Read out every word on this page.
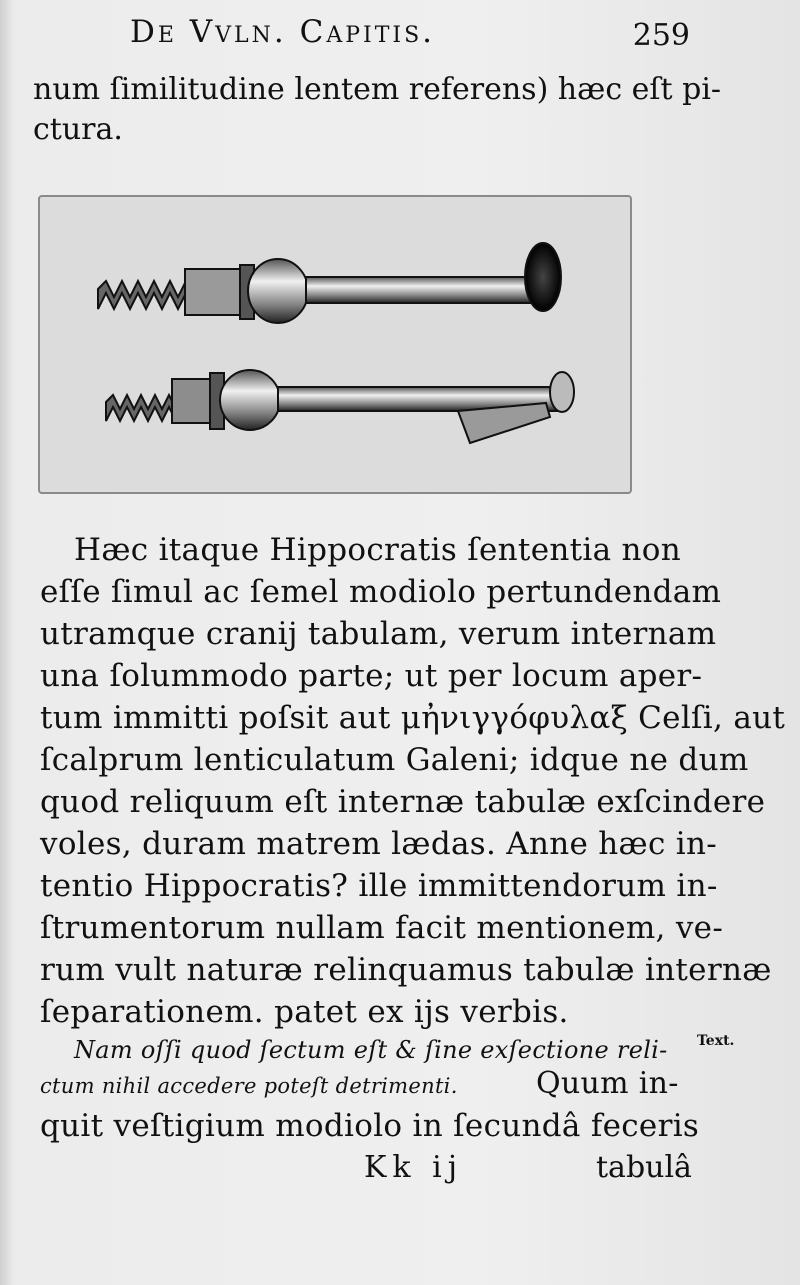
De Vvln. Capitis.	259
num ſimilitudine lentem referens) hæc eſt pi-
ctura.
Hæc itaque Hippocratis ſententia non
eſſe ſimul ac ſemel modiolo pertundendam
utramque cranij tabulam, verum internam
una ſolummodo parte; ut per locum aper-
tum immitti poſsit aut μἠνιγγόφυλαξ Celſi, aut
ſcalprum lenticulatum Galeni; idque ne dum
quod reliquum eſt internæ tabulæ exſcindere
voles, duram matrem lædas. Anne hæc in-
tentio Hippocratis? ille immittendorum in-
ſtrumentorum nullam facit mentionem, ve-
rum vult naturæ relinquamus tabulæ internæ
ſeparationem. patet ex ijs verbis.
Nam oſſi quod ſectum eſt & ſine exſectione reli-
ctum nihil accedere poteſt detrimenti.	Quum in-
quit veſtigium modiolo in ſecundâ feceris
Text.
Kk ij	tabulâ
